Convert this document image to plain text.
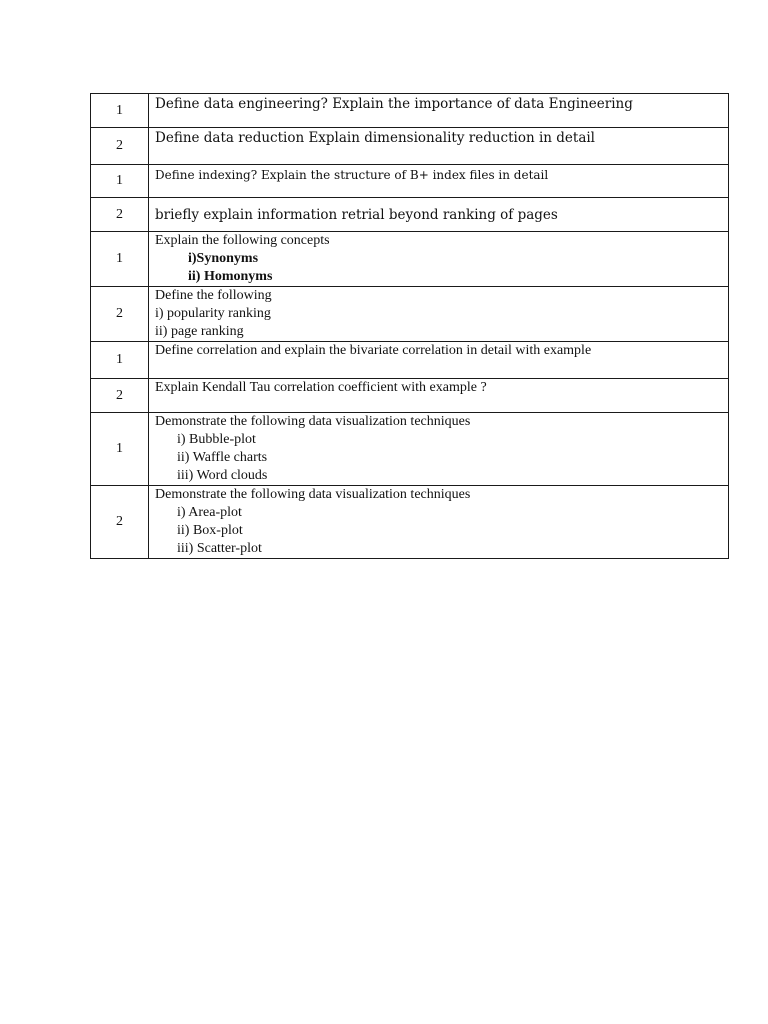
1	Define data engineering? Explain the importance of data Engineering

2	Define data reduction Explain dimensionality reduction in detail

1	Define indexing? Explain the structure of B+ index files in detail

2	briefly explain information retrial beyond ranking of pages

1	Explain the following concepts
i)Synonyms
ii) Homonyms

2	Define the following
i) popularity ranking
ii) page ranking

1	Define correlation and explain the bivariate correlation in detail with example

2	Explain Kendall Tau correlation coefficient with example ?

1	Demonstrate the following data visualization techniques
i) Bubble-plot
ii) Waffle charts
iii) Word clouds

2	Demonstrate the following data visualization techniques
i) Area-plot
ii) Box-plot
iii) Scatter-plot
